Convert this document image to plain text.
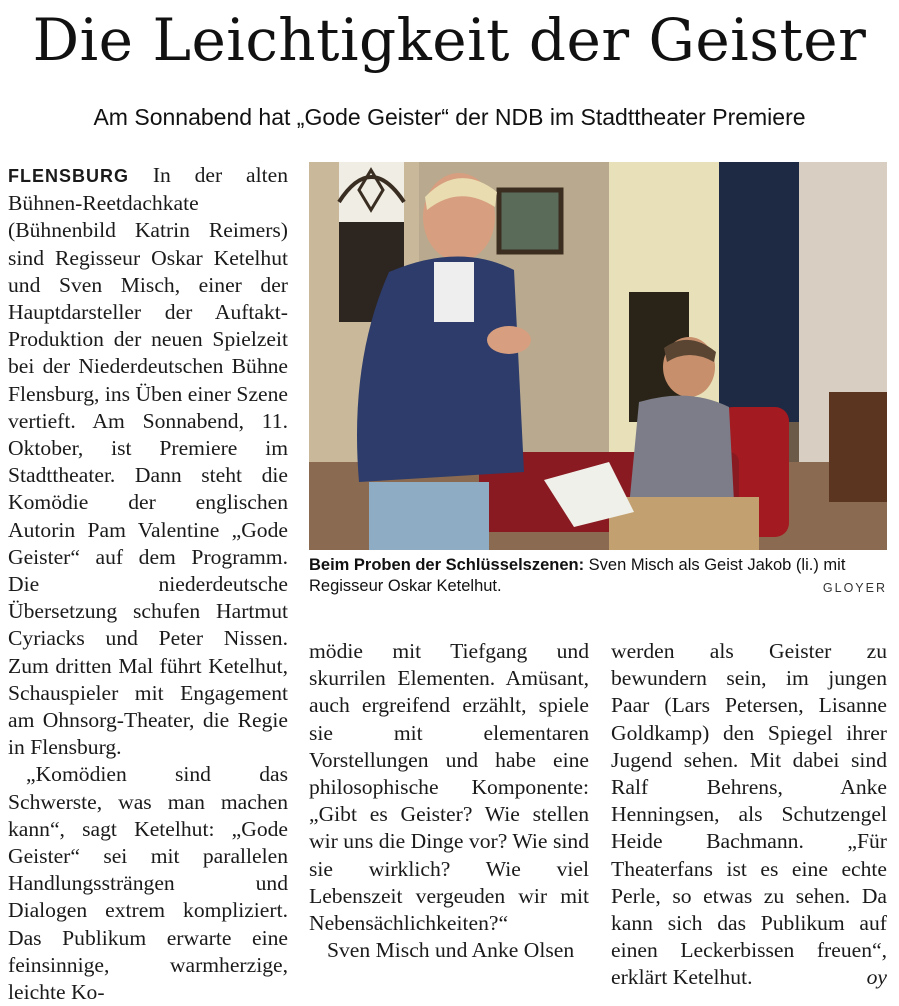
Die Leichtigkeit der Geister
Am Sonnabend hat „Gode Geister“ der NDB im Stadttheater Premiere

FLENSBURG In der alten Bühnen-Reetdachkate (Bühnenbild Katrin Reimers) sind Regisseur Oskar Ketelhut und Sven Misch, einer der Hauptdarsteller der Auftakt-Produktion der neuen Spielzeit bei der Niederdeutschen Bühne Flensburg, ins Üben einer Szene vertieft. Am Sonnabend, 11. Oktober, ist Premiere im Stadttheater. Dann steht die Komödie der englischen Autorin Pam Valentine „Gode Geister“ auf dem Programm. Die niederdeutsche Übersetzung schufen Hartmut Cyriacks und Peter Nissen. Zum dritten Mal führt Ketelhut, Schauspieler mit Engagement am Ohnsorg-Theater, die Regie in Flensburg.

„Komödien sind das Schwerste, was man machen kann“, sagt Ketelhut: „Gode Geister“ sei mit parallelen Handlungssträngen und Dialogen extrem kompliziert. Das Publikum erwarte eine feinsinnige, warmherzige, leichte Ko-

Beim Proben der Schlüsselszenen: Sven Misch als Geist Jakob (li.) mit Regisseur Oskar Ketelhut.	GLOYER

mödie mit Tiefgang und skurrilen Elementen. Amüsant, auch ergreifend erzählt, spiele sie mit elementaren Vorstellungen und habe eine philosophische Komponente: „Gibt es Geister? Wie stellen wir uns die Dinge vor? Wie sind sie wirklich? Wie viel Lebenszeit vergeuden wir mit Nebensächlichkeiten?“

Sven Misch und Anke Olsen

werden als Geister zu bewundern sein, im jungen Paar (Lars Petersen, Lisanne Goldkamp) den Spiegel ihrer Jugend sehen. Mit dabei sind Ralf Behrens, Anke Henningsen, als Schutzengel Heide Bachmann. „Für Theaterfans ist es eine echte Perle, so etwas zu sehen. Da kann sich das Publikum auf einen Leckerbissen freuen“, erklärt Ketelhut.	oy
